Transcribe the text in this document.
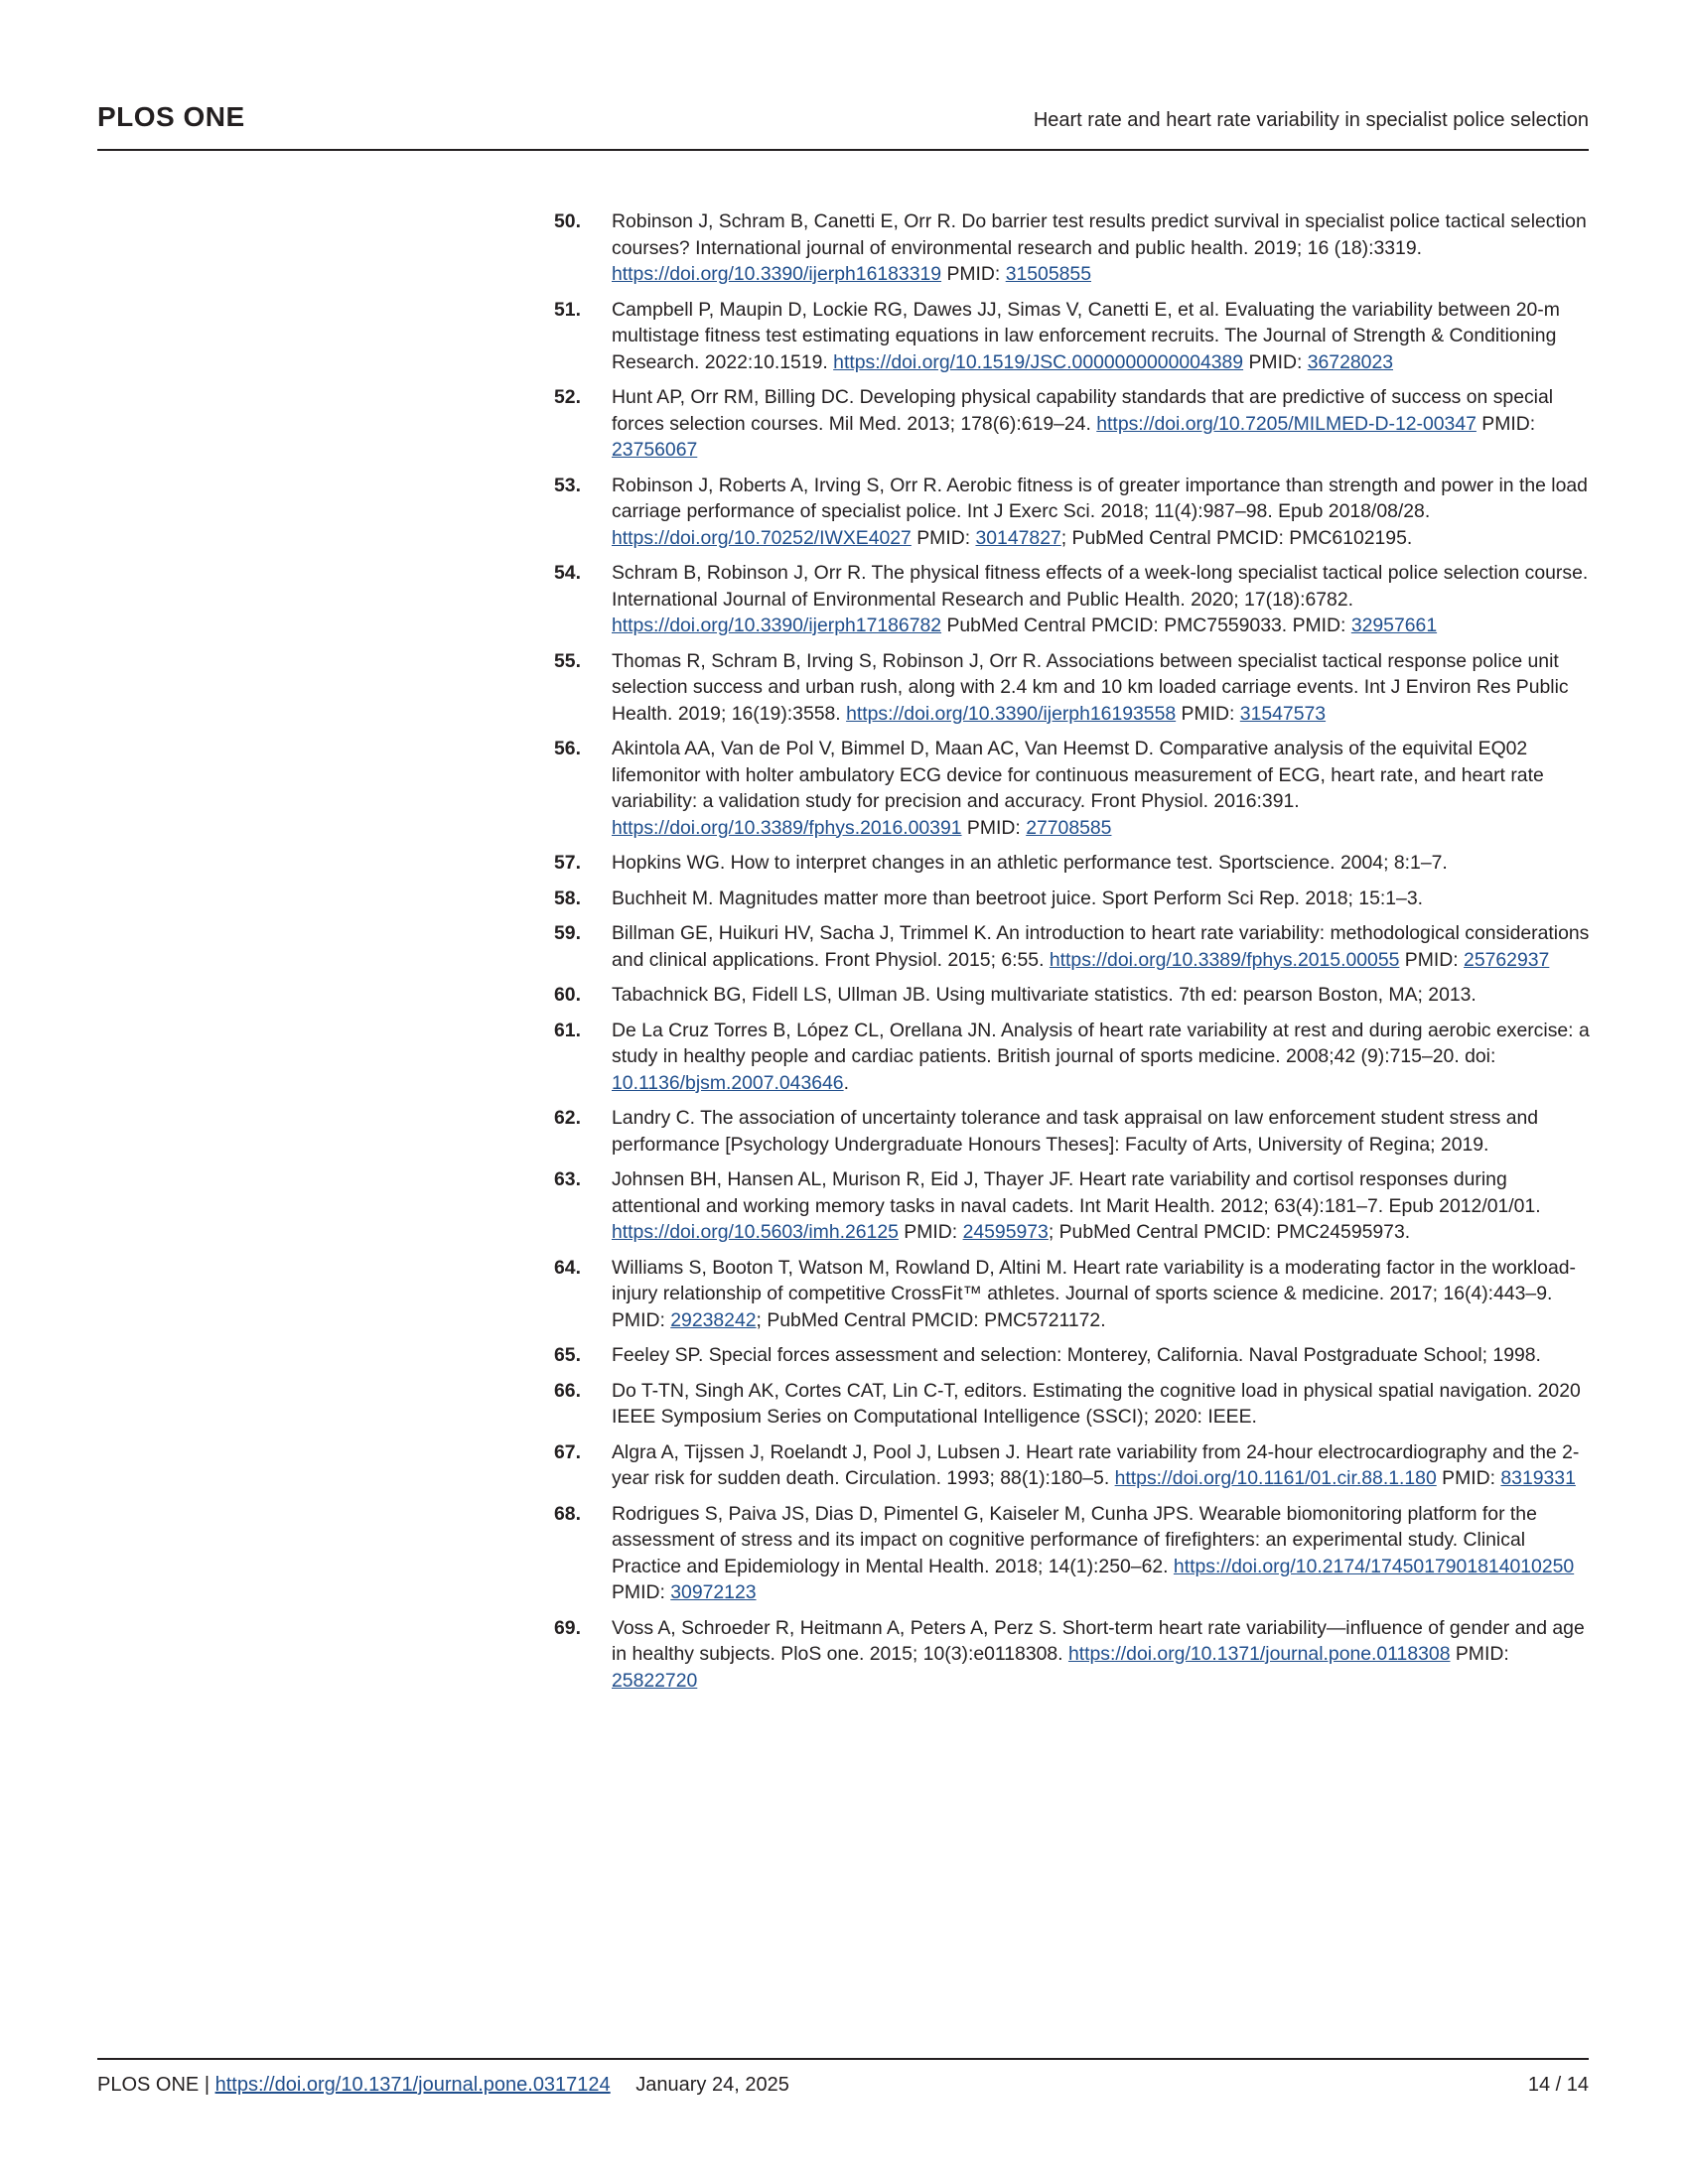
PLOS ONE	Heart rate and heart rate variability in specialist police selection
50. Robinson J, Schram B, Canetti E, Orr R. Do barrier test results predict survival in specialist police tactical selection courses? International journal of environmental research and public health. 2019; 16 (18):3319. https://doi.org/10.3390/ijerph16183319 PMID: 31505855
51. Campbell P, Maupin D, Lockie RG, Dawes JJ, Simas V, Canetti E, et al. Evaluating the variability between 20-m multistage fitness test estimating equations in law enforcement recruits. The Journal of Strength & Conditioning Research. 2022:10.1519. https://doi.org/10.1519/JSC.0000000000004389 PMID: 36728023
52. Hunt AP, Orr RM, Billing DC. Developing physical capability standards that are predictive of success on special forces selection courses. Mil Med. 2013; 178(6):619–24. https://doi.org/10.7205/MILMED-D-12-00347 PMID: 23756067
53. Robinson J, Roberts A, Irving S, Orr R. Aerobic fitness is of greater importance than strength and power in the load carriage performance of specialist police. Int J Exerc Sci. 2018; 11(4):987–98. Epub 2018/08/28. https://doi.org/10.70252/IWXE4027 PMID: 30147827; PubMed Central PMCID: PMC6102195.
54. Schram B, Robinson J, Orr R. The physical fitness effects of a week-long specialist tactical police selection course. International Journal of Environmental Research and Public Health. 2020; 17(18):6782. https://doi.org/10.3390/ijerph17186782 PubMed Central PMCID: PMC7559033. PMID: 32957661
55. Thomas R, Schram B, Irving S, Robinson J, Orr R. Associations between specialist tactical response police unit selection success and urban rush, along with 2.4 km and 10 km loaded carriage events. Int J Environ Res Public Health. 2019; 16(19):3558. https://doi.org/10.3390/ijerph16193558 PMID: 31547573
56. Akintola AA, Van de Pol V, Bimmel D, Maan AC, Van Heemst D. Comparative analysis of the equivital EQ02 lifemonitor with holter ambulatory ECG device for continuous measurement of ECG, heart rate, and heart rate variability: a validation study for precision and accuracy. Front Physiol. 2016:391. https://doi.org/10.3389/fphys.2016.00391 PMID: 27708585
57. Hopkins WG. How to interpret changes in an athletic performance test. Sportscience. 2004; 8:1–7.
58. Buchheit M. Magnitudes matter more than beetroot juice. Sport Perform Sci Rep. 2018; 15:1–3.
59. Billman GE, Huikuri HV, Sacha J, Trimmel K. An introduction to heart rate variability: methodological considerations and clinical applications. Front Physiol. 2015; 6:55. https://doi.org/10.3389/fphys.2015.00055 PMID: 25762937
60. Tabachnick BG, Fidell LS, Ullman JB. Using multivariate statistics. 7th ed: pearson Boston, MA; 2013.
61. De La Cruz Torres B, López CL, Orellana JN. Analysis of heart rate variability at rest and during aerobic exercise: a study in healthy people and cardiac patients. British journal of sports medicine. 2008;42 (9):715–20. doi: 10.1136/bjsm.2007.043646.
62. Landry C. The association of uncertainty tolerance and task appraisal on law enforcement student stress and performance [Psychology Undergraduate Honours Theses]: Faculty of Arts, University of Regina; 2019.
63. Johnsen BH, Hansen AL, Murison R, Eid J, Thayer JF. Heart rate variability and cortisol responses during attentional and working memory tasks in naval cadets. Int Marit Health. 2012; 63(4):181–7. Epub 2012/01/01. https://doi.org/10.5603/imh.26125 PMID: 24595973; PubMed Central PMCID: PMC24595973.
64. Williams S, Booton T, Watson M, Rowland D, Altini M. Heart rate variability is a moderating factor in the workload-injury relationship of competitive CrossFit™ athletes. Journal of sports science & medicine. 2017; 16(4):443–9. PMID: 29238242; PubMed Central PMCID: PMC5721172.
65. Feeley SP. Special forces assessment and selection: Monterey, California. Naval Postgraduate School; 1998.
66. Do T-TN, Singh AK, Cortes CAT, Lin C-T, editors. Estimating the cognitive load in physical spatial navigation. 2020 IEEE Symposium Series on Computational Intelligence (SSCI); 2020: IEEE.
67. Algra A, Tijssen J, Roelandt J, Pool J, Lubsen J. Heart rate variability from 24-hour electrocardiography and the 2-year risk for sudden death. Circulation. 1993; 88(1):180–5. https://doi.org/10.1161/01.cir.88.1.180 PMID: 8319331
68. Rodrigues S, Paiva JS, Dias D, Pimentel G, Kaiseler M, Cunha JPS. Wearable biomonitoring platform for the assessment of stress and its impact on cognitive performance of firefighters: an experimental study. Clinical Practice and Epidemiology in Mental Health. 2018; 14(1):250–62. https://doi.org/10.2174/1745017901814010250 PMID: 30972123
69. Voss A, Schroeder R, Heitmann A, Peters A, Perz S. Short-term heart rate variability—influence of gender and age in healthy subjects. PloS one. 2015; 10(3):e0118308. https://doi.org/10.1371/journal.pone.0118308 PMID: 25822720
PLOS ONE | https://doi.org/10.1371/journal.pone.0317124 January 24, 2025	14 / 14
